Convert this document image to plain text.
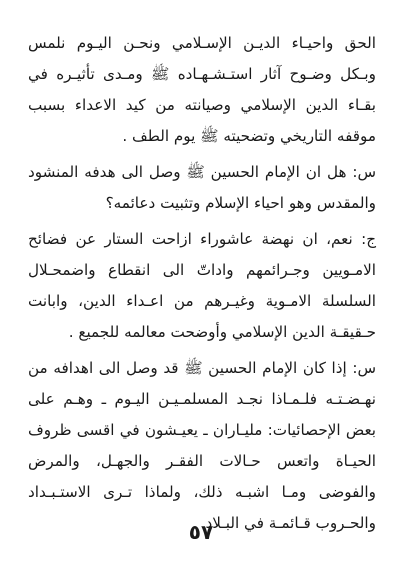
الحق واحيـاء الديـن الإسـلامي ونحـن اليـوم نلمس وبـكل وضـوح آثار استـشـهـاده ﷺ ومـدى تأثيـره في بقـاء الدين الإسلامي وصيانته من كيد الاعداء بسبب موقفه التاريخي وتضحيته ﷺ يوم الطف .

س: هل ان الإمام الحسين ﷺ وصل الى هدفه المنشود والمقدس وهو احياء الإسلام وتثبيت دعائمه؟

ج: نعم، ان نهضة عاشوراء ازاحت الستار عن فضائح الامـويين وجـرائمهم واداتّ الى انقطاع واضمحـلال السلسلة الامـوية وغيـرهم من اعـداء الدين، وابانت حـقيقـة الدين الإسلامي وأوضحت معالمه للجميع .

س: إذا كان الإمام الحسين ﷺ قد وصل الى اهدافه من نهـضـتـه فلـمـاذا نجـد المسلمـيـن اليـوم ـ وهـم على بعض الإحصائيات: مليـاران ـ يعيـشون في اقسى ظروف الحيـاة واتعس حـالات الفقـر والجهـل، والمرض والفوضى ومـا اشبـه ذلك، ولماذا تـرى الاستـبـداد والحـروب قـائمـة في البـلاد

٥٧
